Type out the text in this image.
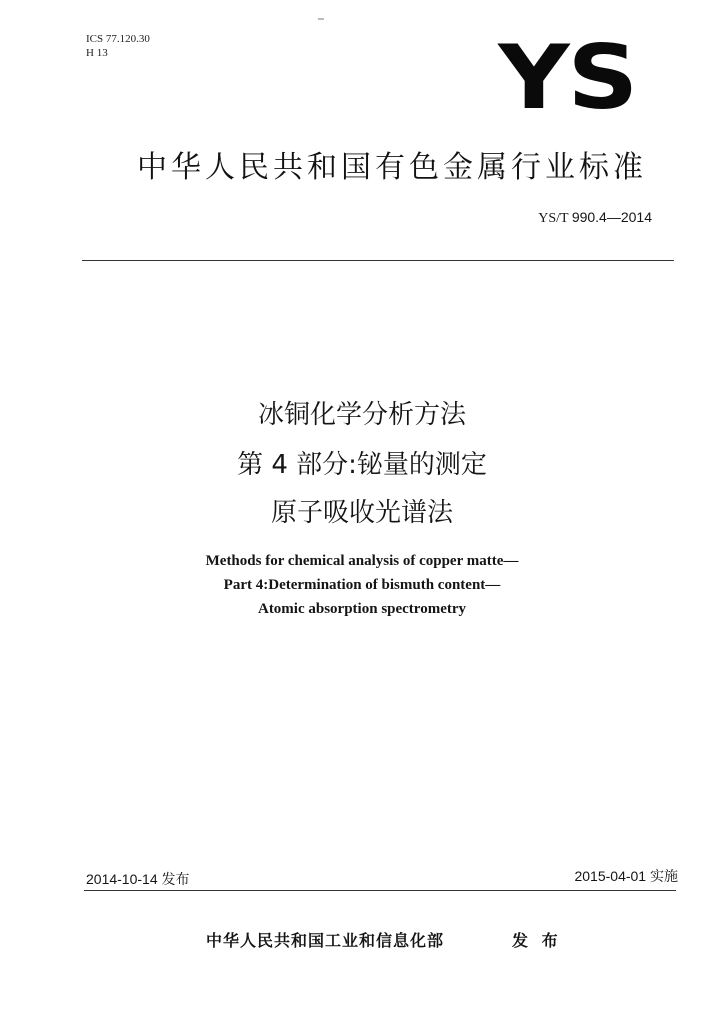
ICS 77.120.30
H 13	YS
中华人民共和国有色金属行业标准
YS/T 990.4—2014
冰铜化学分析方法
第 4 部分:铋量的测定
原子吸收光谱法
Methods for chemical analysis of copper matte—
Part 4:Determination of bismuth content—
Atomic absorption spectrometry
2014-10-14 发布	2015-04-01 实施
中华人民共和国工业和信息化部	发 布
